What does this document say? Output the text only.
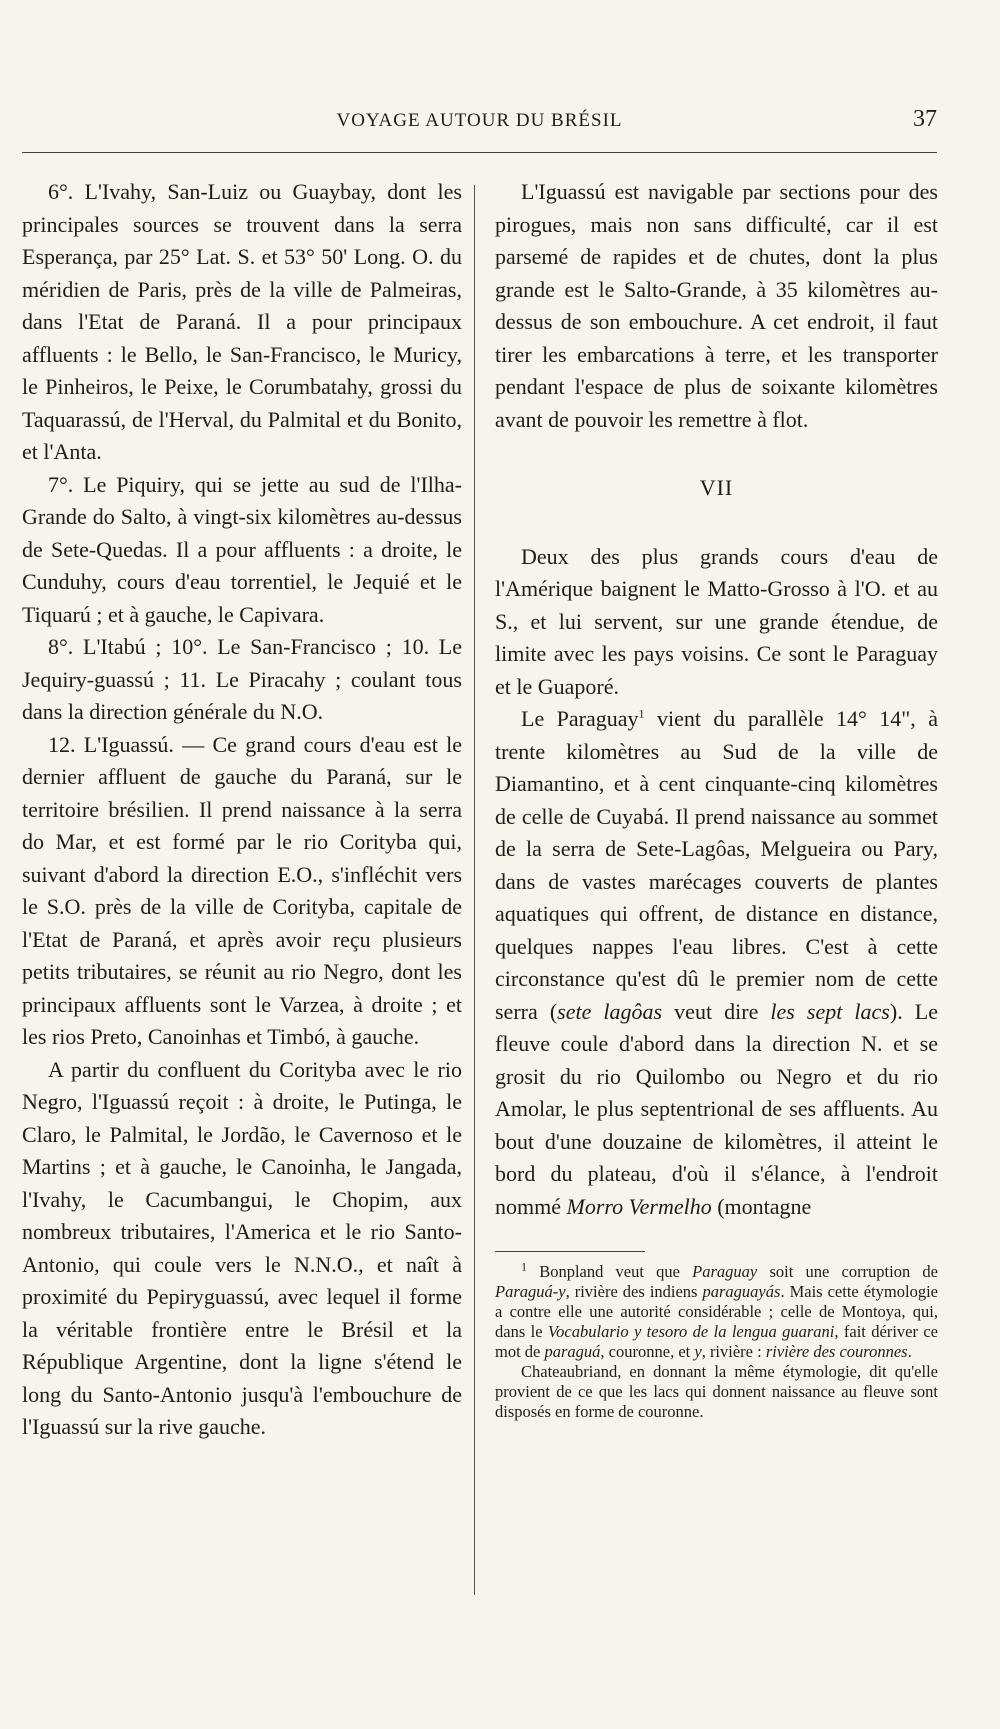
VOYAGE AUTOUR DU BRÉSIL	37

6°. L'Ivahy, San-Luiz ou Guaybay, dont les principales sources se trouvent dans la serra Esperança, par 25° Lat. S. et 53° 50' Long. O. du méridien de Paris, près de la ville de Palmeiras, dans l'Etat de Paraná. Il a pour principaux affluents : le Bello, le San-Francisco, le Muricy, le Pinheiros, le Peixe, le Corumbatahy, grossi du Taquarassú, de l'Herval, du Palmital et du Bonito, et l'Anta.

7°. Le Piquiry, qui se jette au sud de l'Ilha-Grande do Salto, à vingt-six kilomètres au-dessus de Sete-Quedas. Il a pour affluents : a droite, le Cunduhy, cours d'eau torrentiel, le Jequié et le Tiquarú ; et à gauche, le Capivara.

8°. L'Itabú ; 10°. Le San-Francisco ; 10. Le Jequiry-guassú ; 11. Le Piracahy ; coulant tous dans la direction générale du N.O.

12. L'Iguassú. — Ce grand cours d'eau est le dernier affluent de gauche du Paraná, sur le territoire brésilien. Il prend naissance à la serra do Mar, et est formé par le rio Corityba qui, suivant d'abord la direction E.O., s'infléchit vers le S.O. près de la ville de Corityba, capitale de l'Etat de Paraná, et après avoir reçu plusieurs petits tributaires, se réunit au rio Negro, dont les principaux affluents sont le Varzea, à droite ; et les rios Preto, Canoinhas et Timbó, à gauche.

A partir du confluent du Corityba avec le rio Negro, l'Iguassú reçoit : à droite, le Putinga, le Claro, le Palmital, le Jordão, le Cavernoso et le Martins ; et à gauche, le Canoinha, le Jangada, l'Ivahy, le Cacumbangui, le Chopim, aux nombreux tributaires, l'America et le rio Santo-Antonio, qui coule vers le N.N.O., et naît à proximité du Pepiryguassú, avec lequel il forme la véritable frontière entre le Brésil et la République Argentine, dont la ligne s'étend le long du Santo-Antonio jusqu'à l'embouchure de l'Iguassú sur la rive gauche.

L'Iguassú est navigable par sections pour des pirogues, mais non sans difficulté, car il est parsemé de rapides et de chutes, dont la plus grande est le Salto-Grande, à 35 kilomètres au-dessus de son embouchure. A cet endroit, il faut tirer les embarcations à terre, et les transporter pendant l'espace de plus de soixante kilomètres avant de pouvoir les remettre à flot.

VII

Deux des plus grands cours d'eau de l'Amérique baignent le Matto-Grosso à l'O. et au S., et lui servent, sur une grande étendue, de limite avec les pays voisins. Ce sont le Paraguay et le Guaporé.

Le Paraguay$^1$ vient du parallèle 14° 14", à trente kilomètres au Sud de la ville de Diamantino, et à cent cinquante-cinq kilomètres de celle de Cuyabá. Il prend naissance au sommet de la serra de Sete-Lagôas, Melgueira ou Pary, dans de vastes marécages couverts de plantes aquatiques qui offrent, de distance en distance, quelques nappes l'eau libres. C'est à cette circonstance qu'est dû le premier nom de cette serra (sete lagôas veut dire les sept lacs). Le fleuve coule d'abord dans la direction N. et se grosit du rio Quilombo ou Negro et du rio Amolar, le plus septentrional de ses affluents. Au bout d'une douzaine de kilomètres, il atteint le bord du plateau, d'où il s'élance, à l'endroit nommé Morro Vermelho (montagne

$^1$ Bonpland veut que Paraguay soit une corruption de Paraguá-y, rivière des indiens paraguayás. Mais cette étymologie a contre elle une autorité considérable ; celle de Montoya, qui, dans le Vocabulario y tesoro de la lengua guarani, fait dériver ce mot de paraguá, couronne, et y, rivière : rivière des couronnes.

Chateaubriand, en donnant la même étymologie, dit qu'elle provient de ce que les lacs qui donnent naissance au fleuve sont disposés en forme de couronne.
